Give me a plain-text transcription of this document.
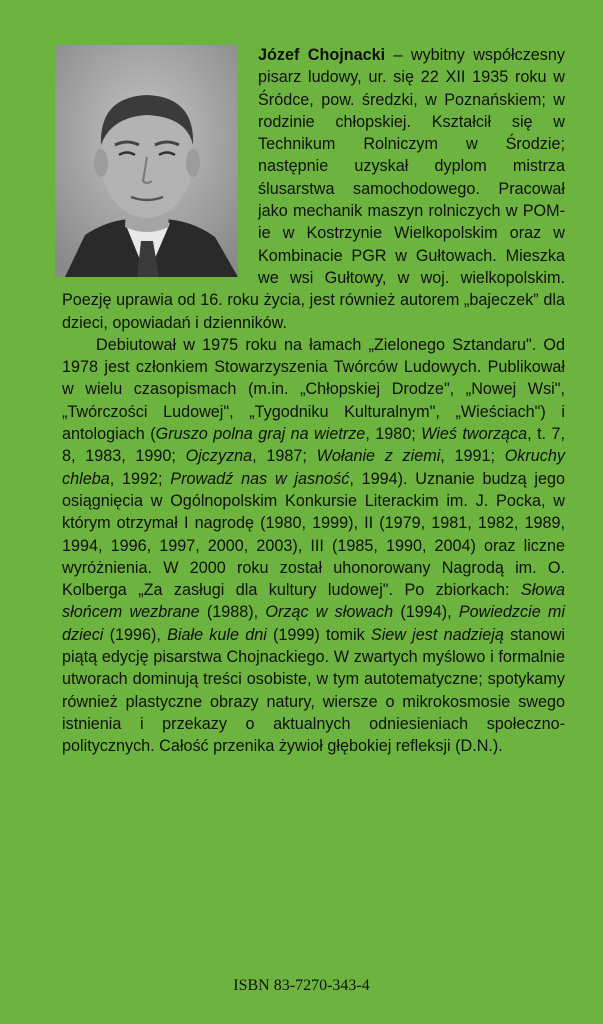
Józef Chojnacki – wybitny współczesny pisarz ludowy, ur. się 22 XII 1935 roku w Śródce, pow. średzki, w Poznańskiem; w rodzinie chłopskiej. Kształcił się w Technikum Rolniczym w Środzie; następnie uzyskał dyplom mistrza ślusarstwa samochodowego. Pracował jako mechanik maszyn rolniczych w POM-ie w Kostrzynie Wielkopolskim oraz w Kombinacie PGR w Gułtowach. Mieszka we wsi Gułtowy, w woj. wielkopolskim. Poezję uprawia od 16. roku życia, jest również autorem „bajeczek” dla dzieci, opowiadań i dzienników.

Debiutował w 1975 roku na łamach „Zielonego Sztandaru". Od 1978 jest członkiem Stowarzyszenia Twórców Ludowych. Publikował w wielu czasopismach (m.in. „Chłopskiej Drodze", „Nowej Wsi", „Twórczości Ludowej", „Tygodniku Kulturalnym", „Wieściach") i antologiach (Gruszo polna graj na wietrze, 1980; Wieś tworząca, t. 7, 8, 1983, 1990; Ojczyzna, 1987; Wołanie z ziemi, 1991; Okruchy chleba, 1992; Prowadź nas w jasność, 1994). Uznanie budzą jego osiągnięcia w Ogólnopolskim Konkursie Literackim im. J. Pocka, w którym otrzymał I nagrodę (1980, 1999), II (1979, 1981, 1982, 1989, 1994, 1996, 1997, 2000, 2003), III (1985, 1990, 2004) oraz liczne wyróżnienia. W 2000 roku został uhonorowany Nagrodą im. O. Kolberga „Za zasługi dla kultury ludowej". Po zbiorkach: Słowa słońcem wezbrane (1988), Orząc w słowach (1994), Powiedzcie mi dzieci (1996), Białe kule dni (1999) tomik Siew jest nadzieją stanowi piątą edycję pisarstwa Chojnackiego. W zwartych myślowo i formalnie utworach dominują treści osobiste, w tym autotematyczne; spotykamy również plastyczne obrazy natury, wiersze o mikrokosmosie swego istnienia i przekazy o aktualnych odniesieniach społeczno-politycznych. Całość przenika żywioł głębokiej refleksji (D.N.).

ISBN 83-7270-343-4
